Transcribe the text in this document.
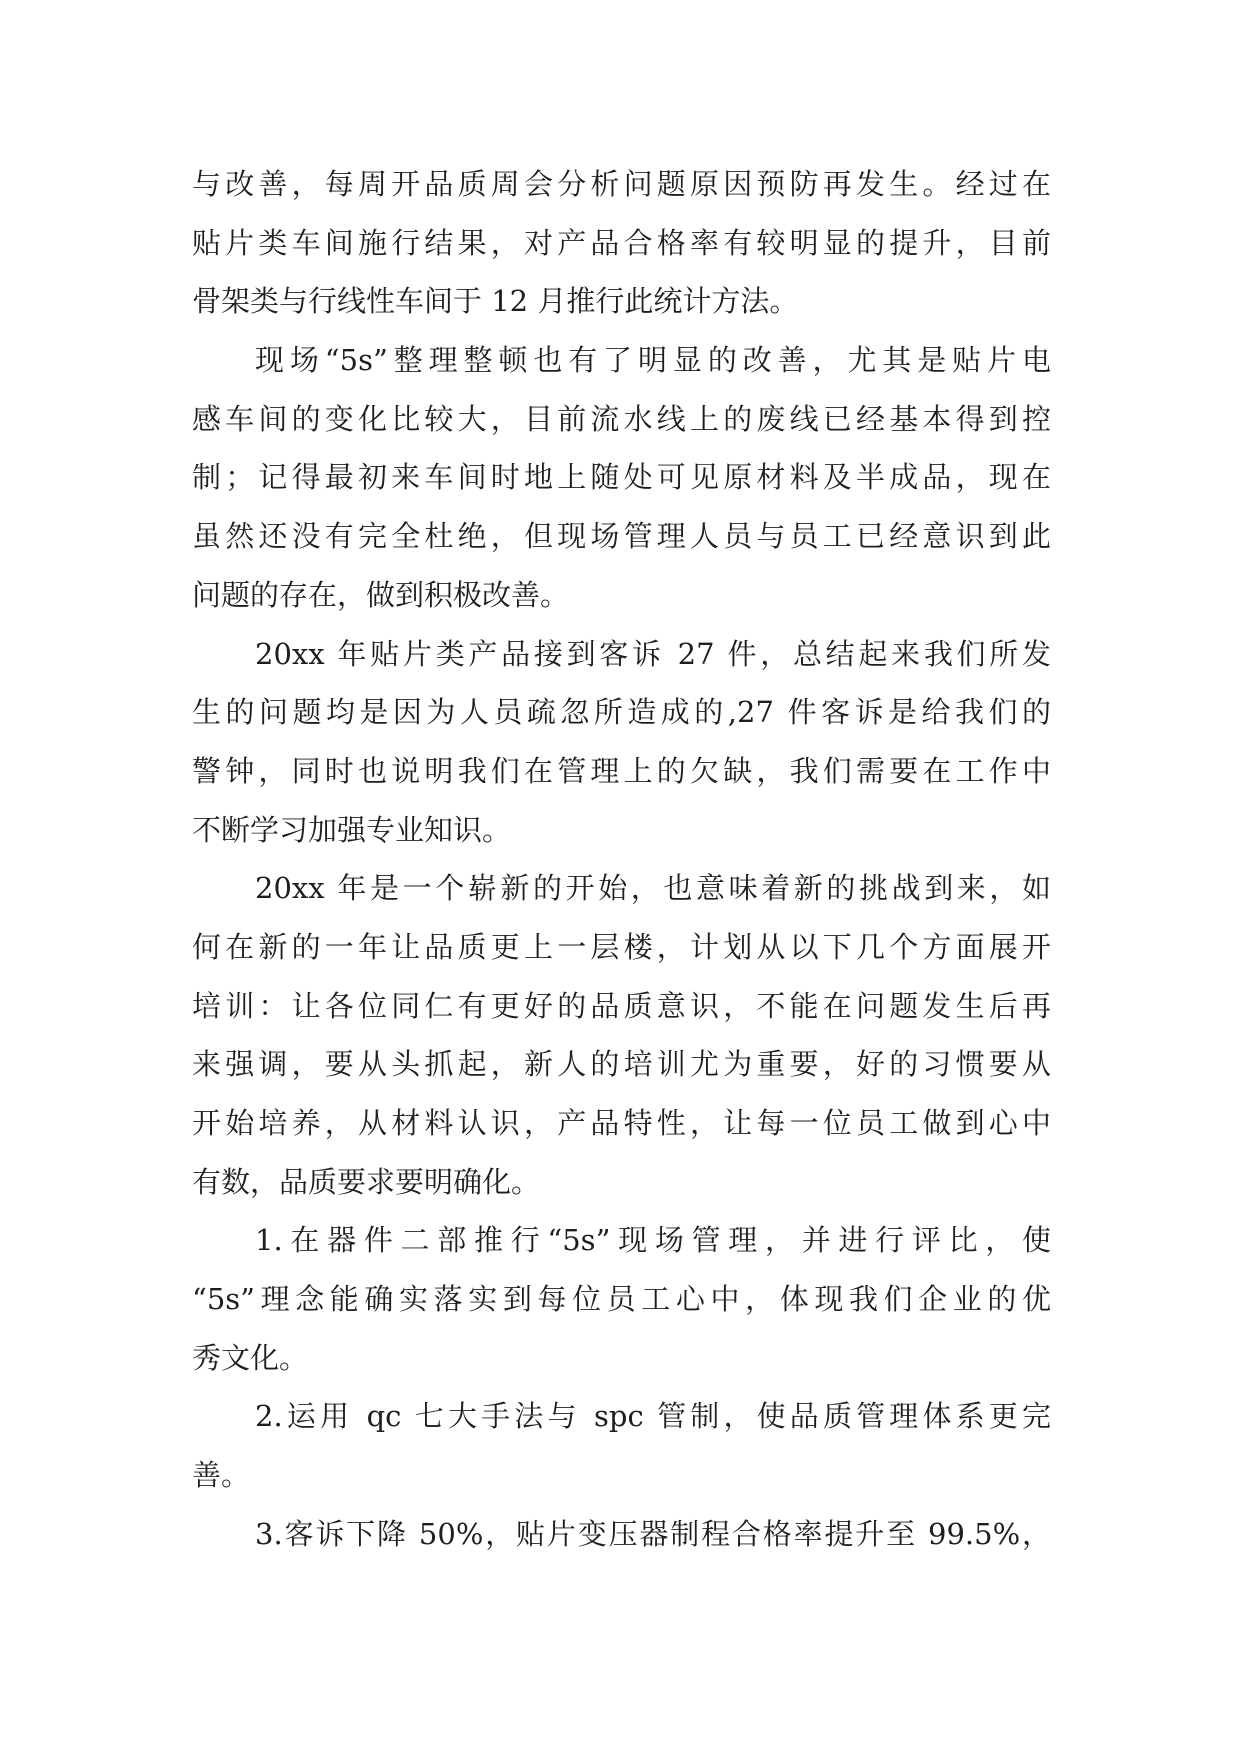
与改善，每周开品质周会分析问题原因预防再发生。经过在
贴片类车间施行结果，对产品合格率有较明显的提升，目前
骨架类与行线性车间于 12 月推行此统计方法。
现场“5s”整理整顿也有了明显的改善，尤其是贴片电
感车间的变化比较大，目前流水线上的废线已经基本得到控
制；记得最初来车间时地上随处可见原材料及半成品，现在
虽然还没有完全杜绝，但现场管理人员与员工已经意识到此
问题的存在，做到积极改善。
20xx 年贴片类产品接到客诉 27 件，总结起来我们所发
生的问题均是因为人员疏忽所造成的,27 件客诉是给我们的
警钟，同时也说明我们在管理上的欠缺，我们需要在工作中
不断学习加强专业知识。
20xx 年是一个崭新的开始，也意味着新的挑战到来，如
何在新的一年让品质更上一层楼，计划从以下几个方面展开
培训：让各位同仁有更好的品质意识，不能在问题发生后再
来强调，要从头抓起，新人的培训尤为重要，好的习惯要从
开始培养，从材料认识，产品特性，让每一位员工做到心中
有数，品质要求要明确化。
1.在器件二部推行“5s”现场管理，并进行评比，使
“5s”理念能确实落实到每位员工心中，体现我们企业的优
秀文化。
2.运用 qc 七大手法与 spc 管制，使品质管理体系更完
善。
3.客诉下降 50%，贴片变压器制程合格率提升至 99.5%，
